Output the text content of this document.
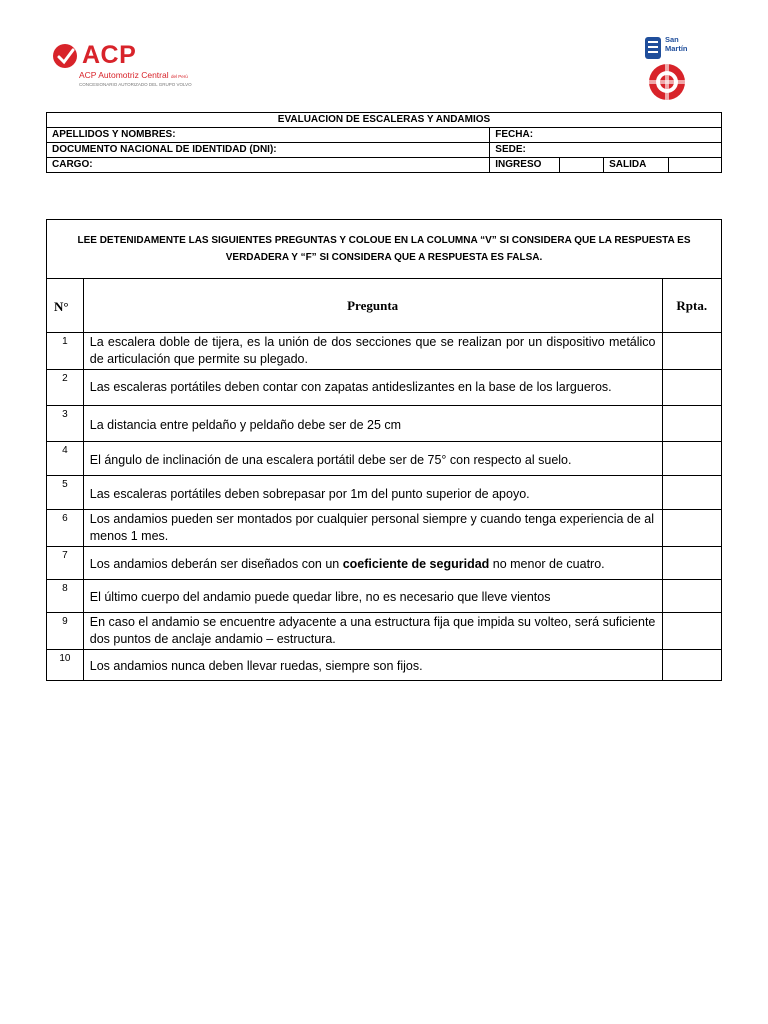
ACP
ACP Automotriz Central del Perú
CONCESIONARIO AUTORIZADO DEL GRUPO VOLVO
San
Martín
EVALUACION DE ESCALERAS Y ANDAMIOS				
APELLIDOS Y NOMBRES:	FECHA:			
DOCUMENTO NACIONAL DE IDENTIDAD (DNI):	SEDE:			
CARGO:	INGRESO		SALIDA	
LEE DETENIDAMENTE LAS SIGUIENTES PREGUNTAS Y COLOUE EN LA COLUMNA “V” SI CONSIDERA QUE LA RESPUESTA ES VERDADERA Y “F” SI CONSIDERA QUE A RESPUESTA ES FALSA.		
N°	Pregunta	Rpta.
1	La escalera doble de tijera, es la unión de dos secciones que se realizan por un dispositivo metálico de articulación que permite su plegado.	
2	Las escaleras portátiles deben contar con zapatas antideslizantes en la base de los largueros.	
3	La distancia entre peldaño y peldaño debe ser de 25 cm	
4	El ángulo de inclinación de una escalera portátil debe ser de 75° con respecto al suelo.	
5	Las escaleras portátiles deben sobrepasar por 1m del punto superior de apoyo.	
6	Los andamios pueden ser montados por cualquier personal siempre y cuando tenga experiencia de al menos 1 mes.	
7	Los andamios deberán ser diseñados con un coeficiente de seguridad no menor de cuatro.	
8	El último cuerpo del andamio puede quedar libre, no es necesario que lleve vientos	
9	En caso el andamio se encuentre adyacente a una estructura fija que impida su volteo, será suficiente dos puntos de anclaje andamio – estructura.	
10	Los andamios nunca deben llevar ruedas, siempre son fijos.	
